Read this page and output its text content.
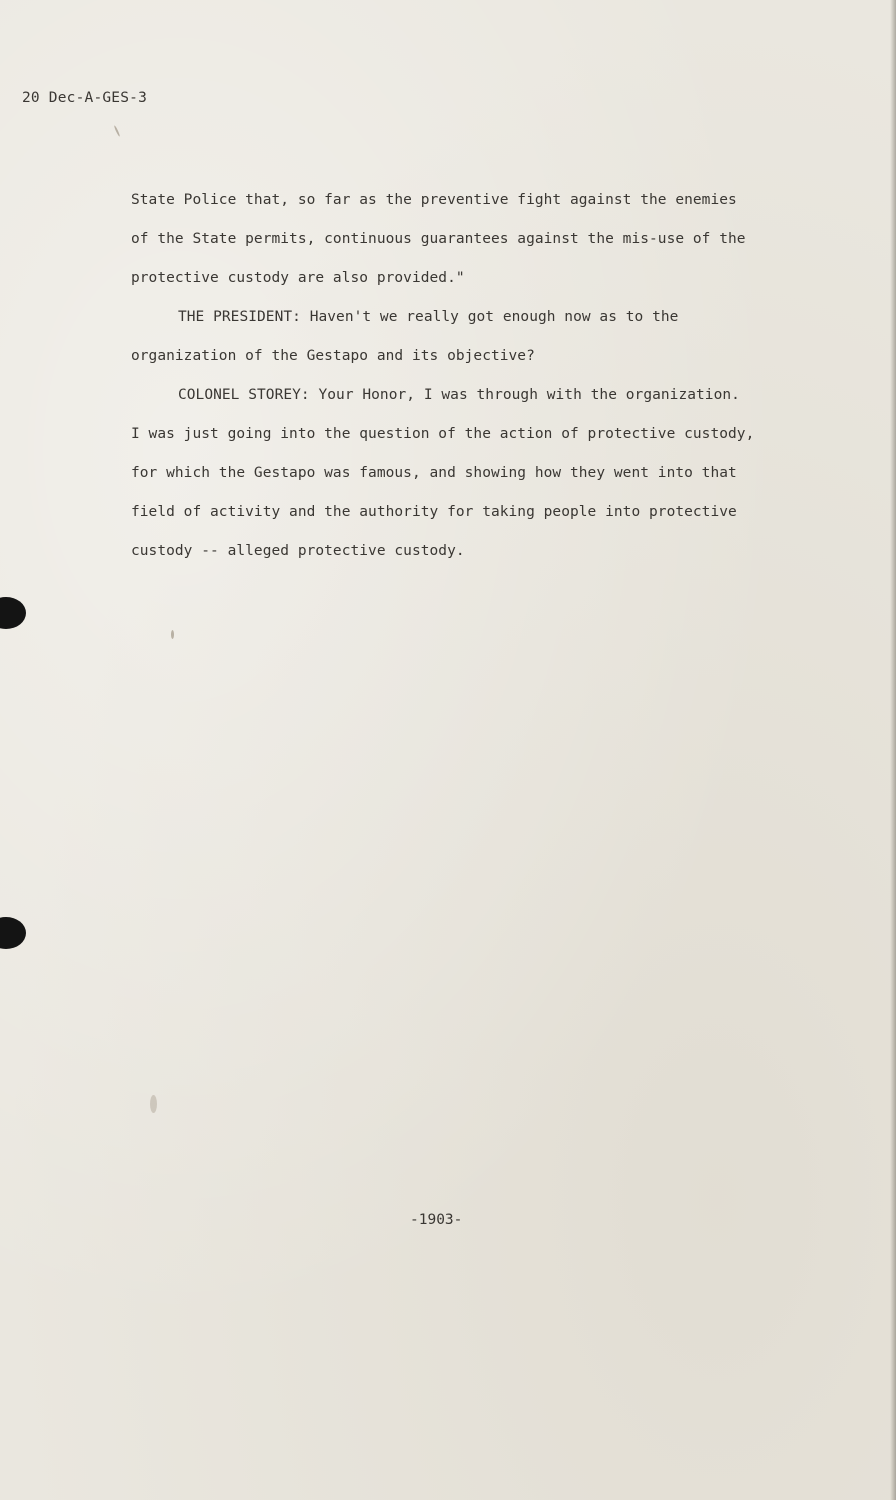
20 Dec-A-GES-3
State Police that, so far as the preventive fight against the enemies
of the State permits, continuous guarantees against the mis-use of the
protective custody are also provided."
THE PRESIDENT: Haven't we really got enough now as to the
organization of the Gestapo and its objective?
COLONEL STOREY: Your Honor, I was through with the organization.
I was just going into the question of the action of protective custody,
for which the Gestapo was famous, and showing how they went into that
field of activity and the authority for taking people into protective
custody -- alleged protective custody.
-1903-
